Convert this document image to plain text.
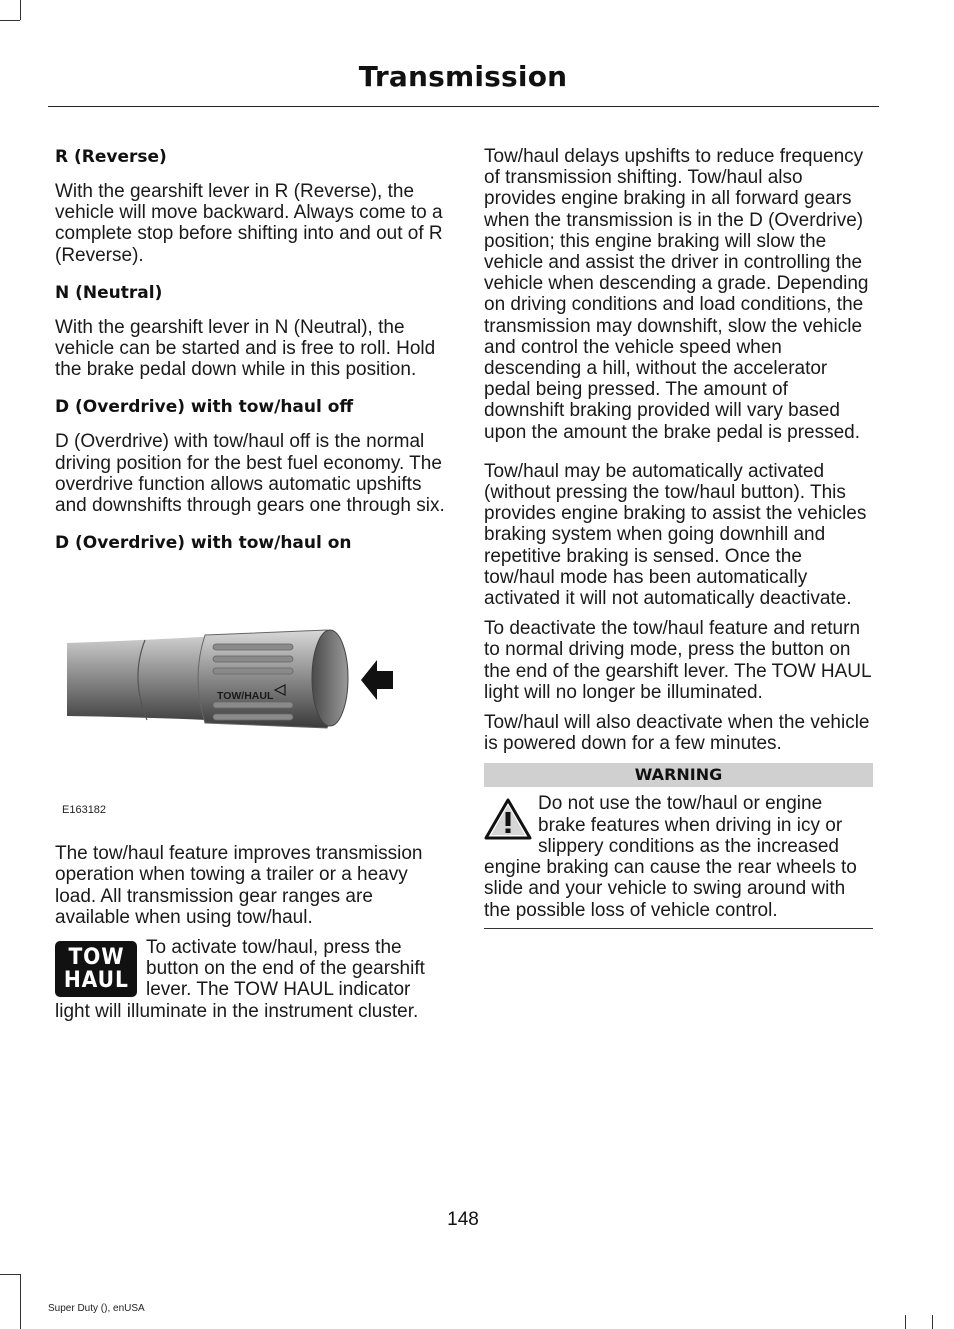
Transmission
R (Reverse)
With the gearshift lever in R (Reverse), the vehicle will move backward. Always come to a complete stop before shifting into and out of R (Reverse).
N (Neutral)
With the gearshift lever in N (Neutral), the vehicle can be started and is free to roll. Hold the brake pedal down while in this position.
D (Overdrive) with tow/haul off
D (Overdrive) with tow/haul off is the normal driving position for the best fuel economy. The overdrive function allows automatic upshifts and downshifts through gears one through six.
D (Overdrive) with tow/haul on
TOW/HAUL
E163182
The tow/haul feature improves transmission operation when towing a trailer or a heavy load. All transmission gear ranges are available when using tow/haul.
TOW
HAUL
To activate tow/haul, press the button on the end of the gearshift lever. The TOW HAUL indicator light will illuminate in the instrument cluster.
Tow/haul delays upshifts to reduce frequency of transmission shifting. Tow/haul also provides engine braking in all forward gears when the transmission is in the D (Overdrive) position; this engine braking will slow the vehicle and assist the driver in controlling the vehicle when descending a grade. Depending on driving conditions and load conditions, the transmission may downshift, slow the vehicle and control the vehicle speed when descending a hill, without the accelerator pedal being pressed. The amount of downshift braking provided will vary based upon the amount the brake pedal is pressed.
Tow/haul may be automatically activated (without pressing the tow/haul button). This provides engine braking to assist the vehicles braking system when going downhill and repetitive braking is sensed. Once the tow/haul mode has been automatically activated it will not automatically deactivate.
To deactivate the tow/haul feature and return to normal driving mode, press the button on the end of the gearshift lever. The TOW HAUL light will no longer be illuminated.
Tow/haul will also deactivate when the vehicle is powered down for a few minutes.
WARNING
Do not use the tow/haul or engine brake features when driving in icy or slippery conditions as the increased engine braking can cause the rear wheels to slide and your vehicle to swing around with the possible loss of vehicle control.
148
Super Duty (), enUSA
